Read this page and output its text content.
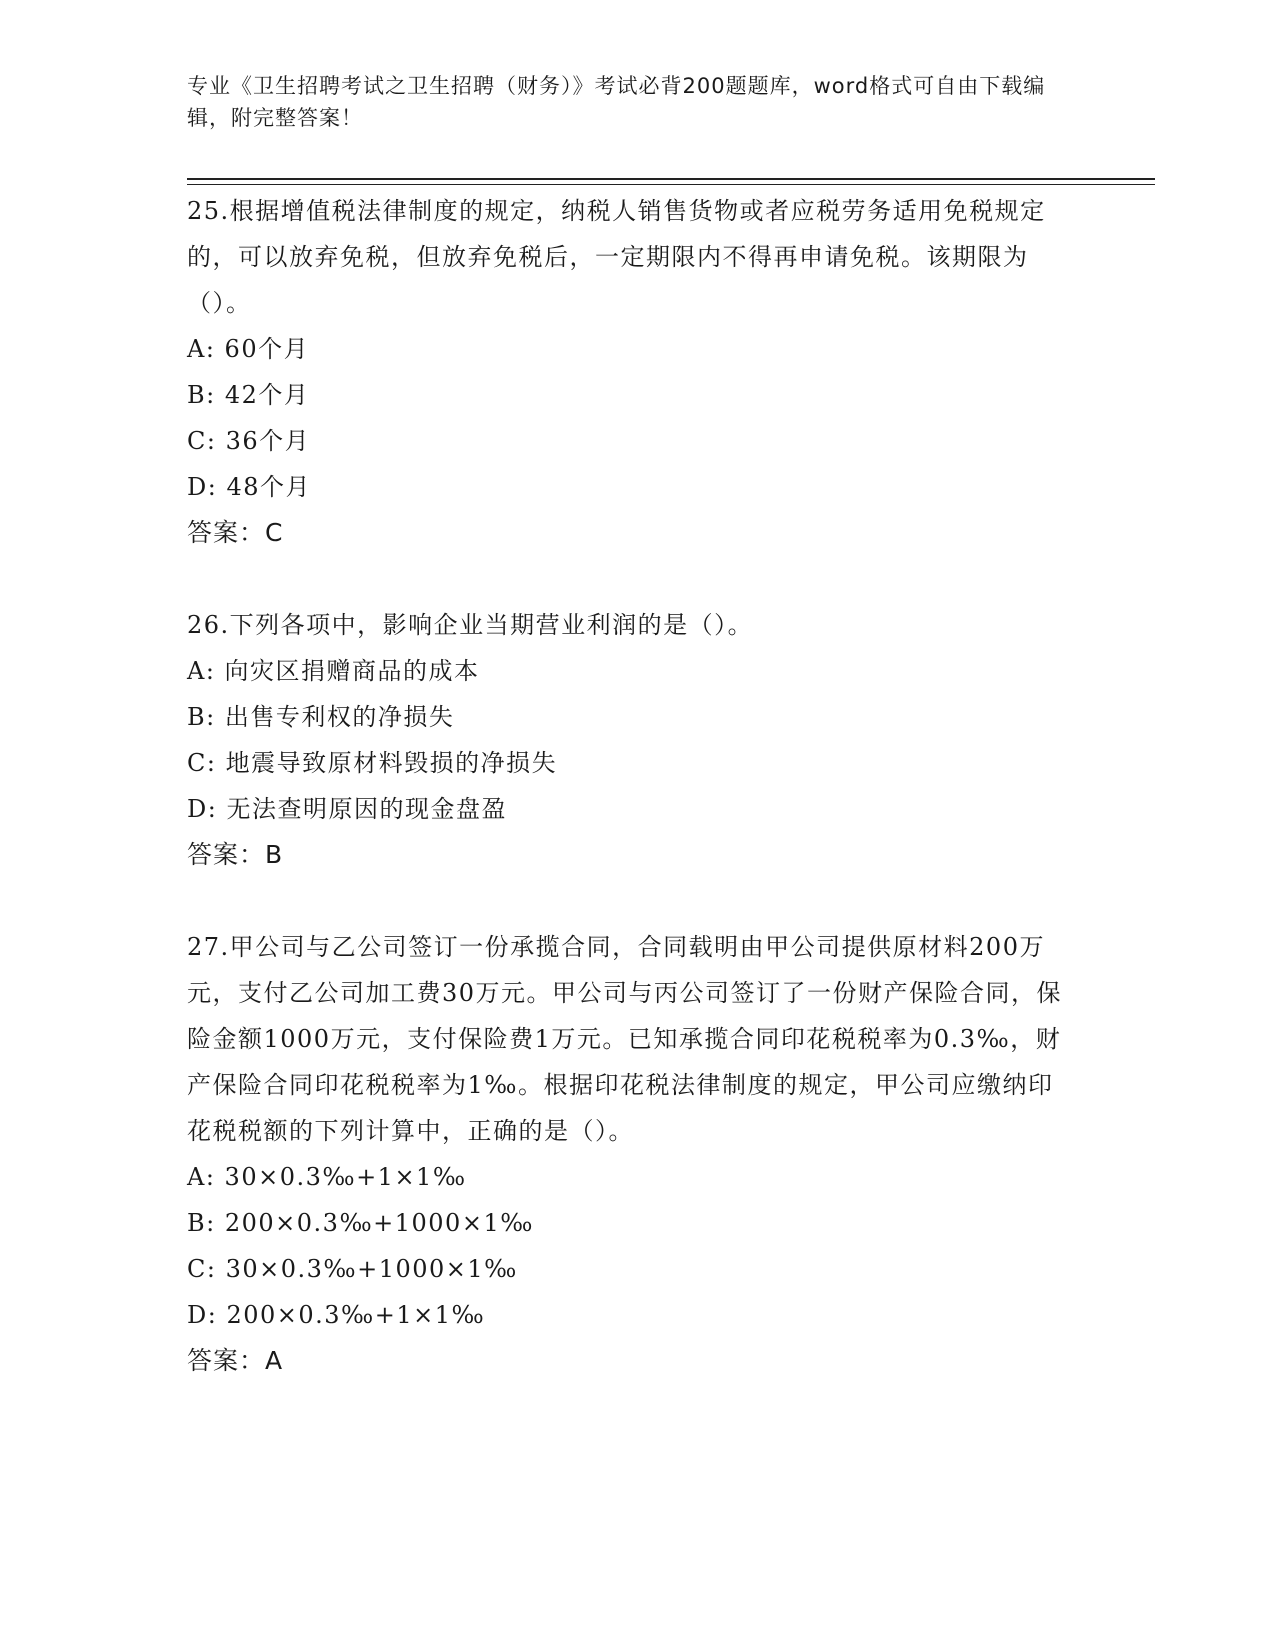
专业《卫生招聘考试之卫生招聘（财务）》考试必背200题题库，word格式可自由下载编辑，附完整答案！

25.根据增值税法律制度的规定，纳税人销售货物或者应税劳务适用免税规定的，可以放弃免税，但放弃免税后，一定期限内不得再申请免税。该期限为（）。

A: 60个月

B: 42个月

C: 36个月

D: 48个月

答案：C

26.下列各项中，影响企业当期营业利润的是（）。

A: 向灾区捐赠商品的成本

B: 出售专利权的净损失

C: 地震导致原材料毁损的净损失

D: 无法查明原因的现金盘盈

答案：B

27.甲公司与乙公司签订一份承揽合同，合同载明由甲公司提供原材料200万元，支付乙公司加工费30万元。甲公司与丙公司签订了一份财产保险合同，保险金额1000万元，支付保险费1万元。已知承揽合同印花税税率为0.3‰，财产保险合同印花税税率为1‰。根据印花税法律制度的规定，甲公司应缴纳印花税税额的下列计算中，正确的是（）。

A: 30×0.3‰+1×1‰

B: 200×0.3‰+1000×1‰

C: 30×0.3‰+1000×1‰

D: 200×0.3‰+1×1‰

答案：A
